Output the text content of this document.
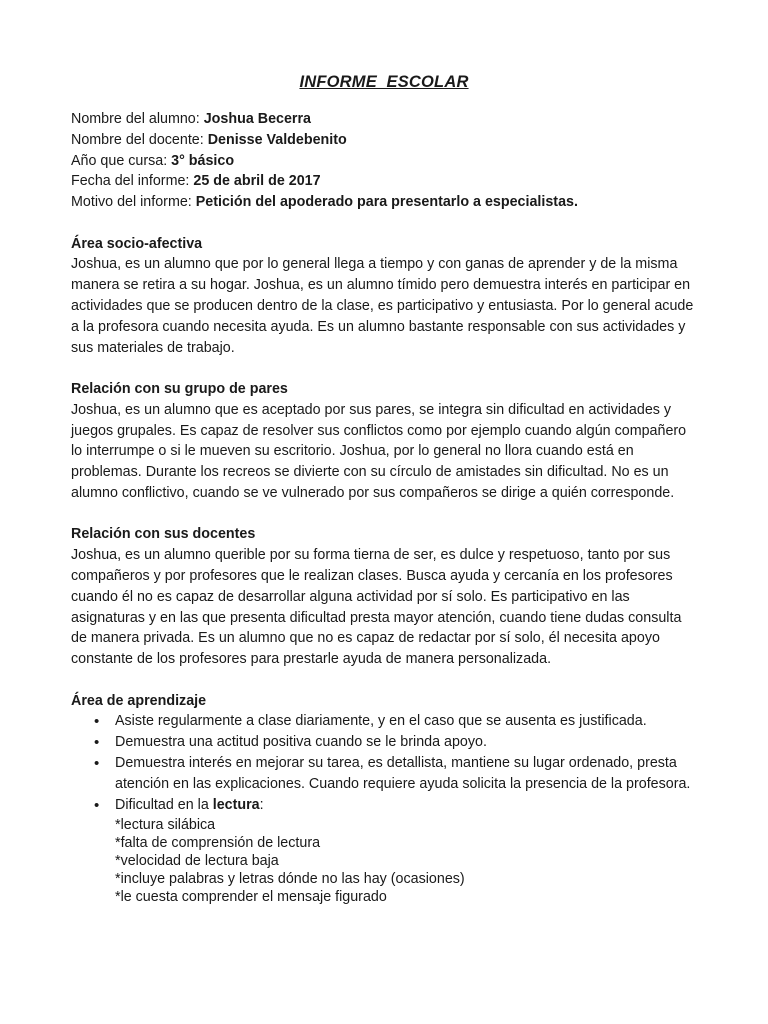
INFORME  ESCOLAR
Nombre del alumno: Joshua Becerra
Nombre del docente: Denisse Valdebenito
Año que cursa: 3° básico
Fecha del informe: 25 de abril de 2017
Motivo del informe: Petición del apoderado para presentarlo a especialistas.
Área socio-afectiva

Joshua, es un alumno que por lo general llega a tiempo y con ganas de aprender y de la misma manera se retira a su hogar. Joshua, es un alumno tímido pero demuestra interés en participar en actividades que se producen dentro de la clase, es participativo y entusiasta. Por lo general acude a la profesora cuando necesita ayuda. Es un alumno bastante responsable con sus actividades y sus materiales de trabajo.

Relación con su grupo de pares

Joshua, es un alumno que es aceptado por sus pares, se integra sin dificultad en actividades y juegos grupales. Es capaz de resolver sus conflictos como por ejemplo cuando algún compañero lo interrumpe o si le mueven su escritorio. Joshua, por lo general no llora cuando está en problemas. Durante los recreos se divierte con su círculo de amistades sin dificultad. No es un alumno conflictivo, cuando se ve vulnerado por sus compañeros se dirige a quién corresponde.

Relación con sus docentes

Joshua, es un alumno querible por su forma tierna de ser, es dulce y respetuoso, tanto por sus compañeros y por profesores que le realizan clases. Busca ayuda y cercanía en los profesores cuando él no es capaz de desarrollar alguna actividad por sí solo. Es participativo en las asignaturas y en las que presenta dificultad presta mayor atención, cuando tiene dudas consulta de manera privada. Es un alumno que no es capaz de redactar por sí solo, él necesita apoyo constante de los profesores para prestarle ayuda de manera personalizada.

Área de aprendizaje
• Asiste regularmente a clase diariamente, y en el caso que se ausenta es justificada.
• Demuestra una actitud positiva cuando se le brinda apoyo.
• Demuestra interés en mejorar su tarea, es detallista, mantiene su lugar ordenado, presta atención en las explicaciones. Cuando requiere ayuda solicita la presencia de la profesora.
• Dificultad en la lectura:
*lectura silábica
*falta de comprensión de lectura
*velocidad de lectura baja
*incluye palabras y letras dónde no las hay (ocasiones)
*le cuesta comprender el mensaje figurado
